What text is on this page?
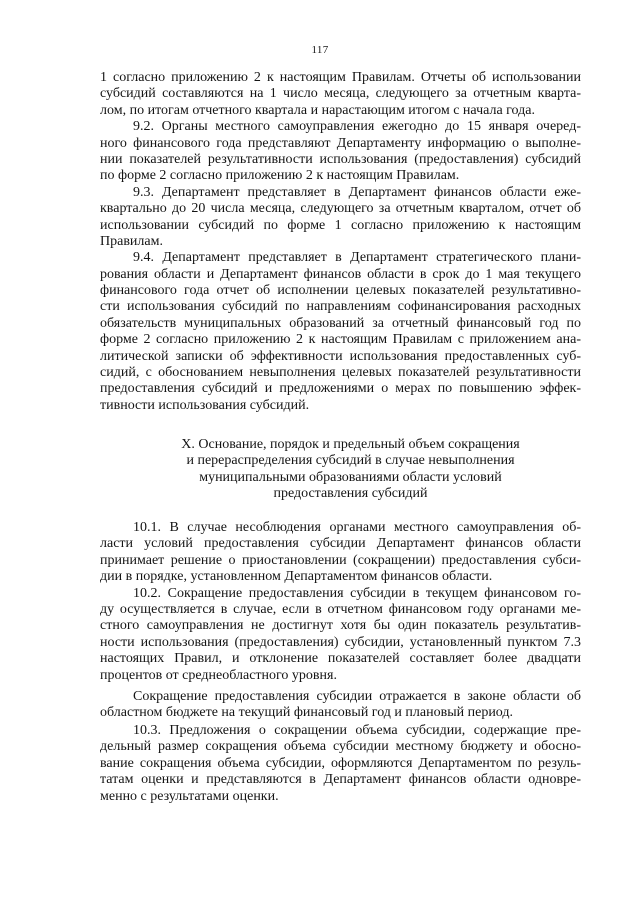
117
1 согласно приложению 2 к настоящим Правилам. Отчеты об использовании
субсидий составляются на 1 число месяца, следующего за отчетным кварта-
лом, по итогам отчетного квартала и нарастающим итогом с начала года.
9.2. Органы местного самоуправления ежегодно до 15 января очеред-
ного финансового года представляют Департаменту информацию о выполне-
нии показателей результативности использования (предоставления) субсидий
по форме 2 согласно приложению 2 к настоящим Правилам.
9.3. Департамент представляет в Департамент финансов области еже-
квартально до 20 числа месяца, следующего за отчетным кварталом, отчет об
использовании субсидий по форме 1 согласно приложению к настоящим
Правилам.
9.4. Департамент представляет в Департамент стратегического плани-
рования области и Департамент финансов области в срок до 1 мая текущего
финансового года отчет об исполнении целевых показателей результативно-
сти использования субсидий по направлениям софинансирования расходных
обязательств муниципальных образований за отчетный финансовый год по
форме 2 согласно приложению 2 к настоящим Правилам с приложением ана-
литической записки об эффективности использования предоставленных суб-
сидий, с обоснованием невыполнения целевых показателей результативности
предоставления субсидий и предложениями о мерах по повышению эффек-
тивности использования субсидий.
X. Основание, порядок и предельный объем сокращения
и перераспределения субсидий в случае невыполнения
муниципальными образованиями области условий
предоставления субсидий
10.1. В случае несоблюдения органами местного самоуправления об-
ласти условий предоставления субсидии Департамент финансов области
принимает решение о приостановлении (сокращении) предоставления субси-
дии в порядке, установленном Департаментом финансов области.
10.2. Сокращение предоставления субсидии в текущем финансовом го-
ду осуществляется в случае, если в отчетном финансовом году органами ме-
стного самоуправления не достигнут хотя бы один показатель результатив-
ности использования (предоставления) субсидии, установленный пунктом 7.3
настоящих Правил, и отклонение показателей составляет более двадцати
процентов от среднеобластного уровня.
Сокращение предоставления субсидии отражается в законе области об
областном бюджете на текущий финансовый год и плановый период.
10.3. Предложения о сокращении объема субсидии, содержащие пре-
дельный размер сокращения объема субсидии местному бюджету и обосно-
вание сокращения объема субсидии, оформляются Департаментом по резуль-
татам оценки и представляются в Департамент финансов области одновре-
менно с результатами оценки.
